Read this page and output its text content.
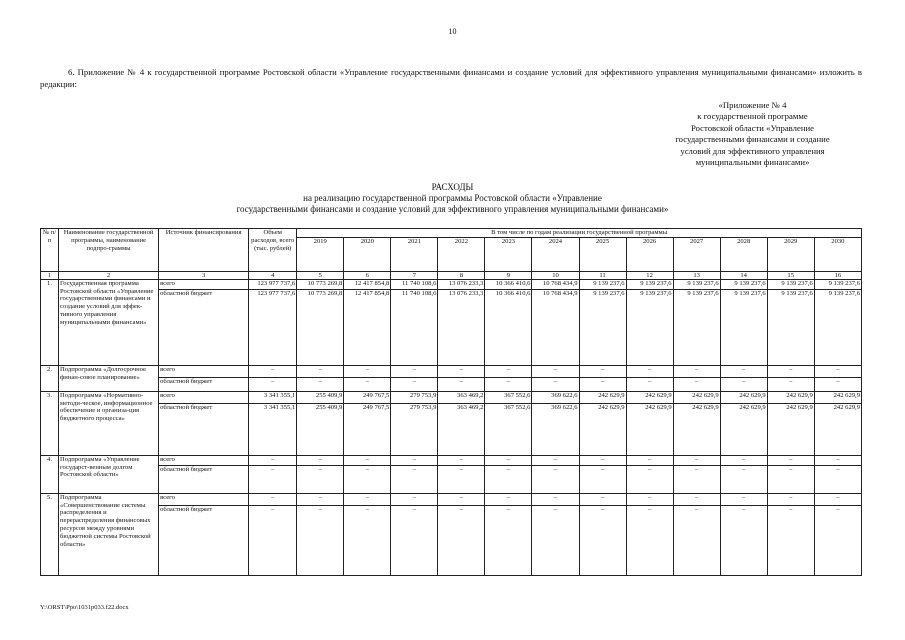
10
6. Приложение № 4 к государственной программе Ростовской области «Управление государственными финансами и создание условий для эффективного управления муниципальными финансами» изложить в редакции:
«Приложение № 4
к государственной программе
Ростовской области «Управление
государственными финансами и создание
условий для эффективного управления
муниципальными финансами»
РАСХОДЫ
на реализацию государственной программы Ростовской области «Управление
государственными финансами и создание условий для эффективного управления муниципальными финансами»
№ п/п	Наименование государственной программы, наименование подпро-граммы	Источник финансирования	Объем расходов, всего (тыс. рублей)	В том числе по годам реализации государственной программы											
				2019	2020	2021	2022	2023	2024	2025	2026	2027	2028	2029	2030
1	2	3	4	5	6	7	8	9	10	11	12	13	14	15	16
1.	Государственная программа Ростовской области «Управление государственными финансами и создание условий для эффек-тивного управления муниципальными финансами»	всего	123 977 737,6	10 773 269,8	12 417 854,8	11 740 108,6	13 076 233,3	10 366 410,6	10 768 434,9	9 139 237,6	9 139 237,6	9 139 237,6	9 139 237,6	9 139 237,6	9 139 237,6
		областной бюджет	123 977 737,6	10 773 269,8	12 417 854,8	11 740 108,6	13 076 233,3	10 366 410,6	10 768 434,9	9 139 237,6	9 139 237,6	9 139 237,6	9 139 237,6	9 139 237,6	9 139 237,6
2.	Подпрограмма «Долгосрочное финан-совое планирование»	всего	–	–	–	–	–	–	–	–	–	–	–	–	–
		областной бюджет	–	–	–	–	–	–	–	–	–	–	–	–	–
3.	Подпрограмма «Нормативно-методи-ческое, информационное обеспечение и организа-ция бюджетного процесса»	всего	3 341 355,1	255 409,9	249 767,5	279 753,9	363 469,2	367 552,6	369 622,6	242 629,9	242 629,9	242 629,9	242 629,9	242 629,9	242 629,9
		областной бюджет	3 341 355,1	255 409,9	249 767,5	279 753,9	363 469,2	367 552,6	369 622,6	242 629,9	242 629,9	242 629,9	242 629,9	242 629,9	242 629,9
4.	Подпрограмма «Управление государст-венным долгом Ростовской области»	всего	–	–	–	–	–	–	–	–	–	–	–	–	–
		областной бюджет	–	–	–	–	–	–	–	–	–	–	–	–	–
5.	Подпрограмма «Совершенствование системы распределения и перераспределения финансовых ресурсов между уровнями бюджетной системы Ростовской области»	всего	–	–	–	–	–	–	–	–	–	–	–	–	–
		областной бюджет	–	–	–	–	–	–	–	–	–	–	–	–	–
Y:\ORST\Ppo\1031p033.f22.docx
